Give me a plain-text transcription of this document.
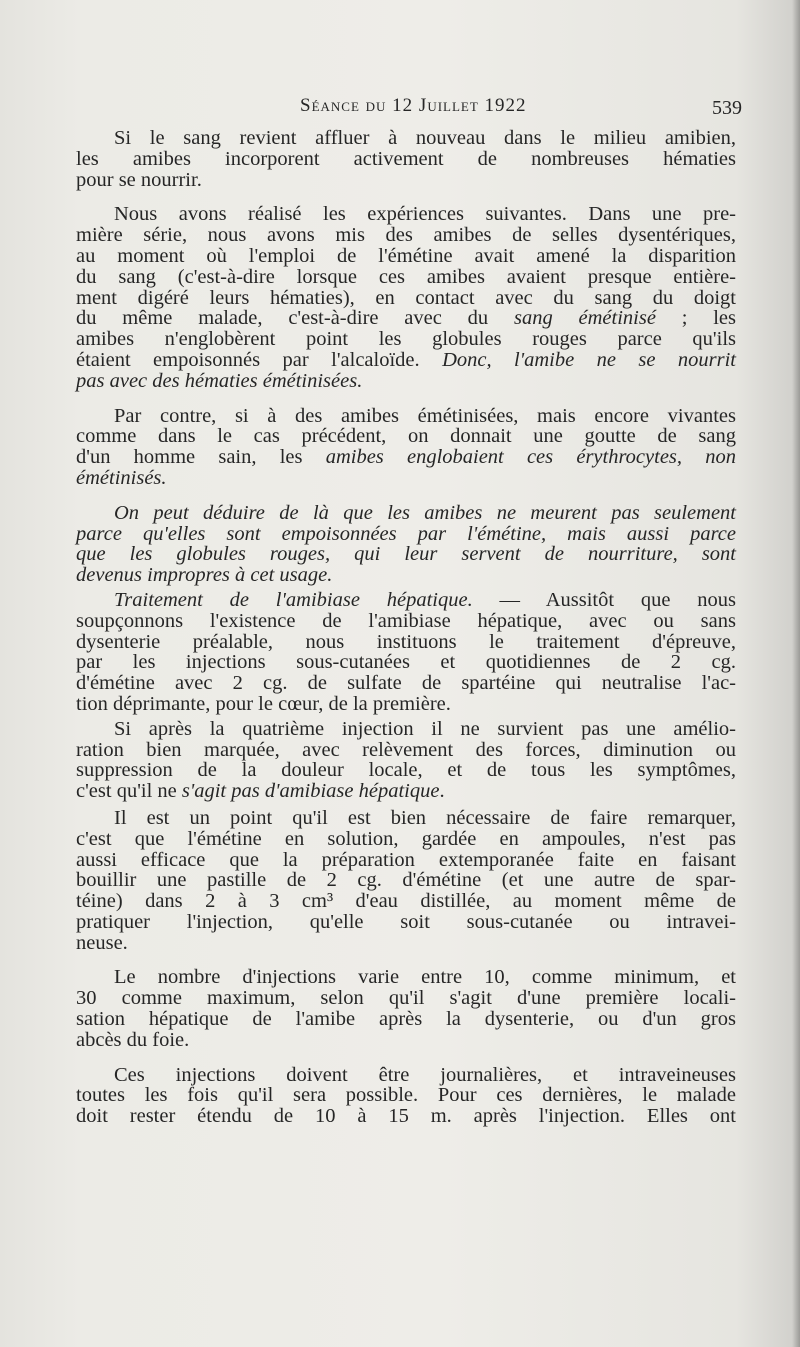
Séance du 12 Juillet 1922	539
Si le sang revient affluer à nouveau dans le milieu amibien,
les amibes incorporent activement de nombreuses hématies
pour se nourrir.
Nous avons réalisé les expériences suivantes. Dans une pre-
mière série, nous avons mis des amibes de selles dysentériques,
au moment où l'emploi de l'émétine avait amené la disparition
du sang (c'est-à-dire lorsque ces amibes avaient presque entière-
ment digéré leurs hématies), en contact avec du sang du doigt
du même malade, c'est-à-dire avec du sang émétinisé ; les
amibes n'englobèrent point les globules rouges parce qu'ils
étaient empoisonnés par l'alcaloïde. Donc, l'amibe ne se nourrit
pas avec des hématies émétinisées.
Par contre, si à des amibes émétinisées, mais encore vivantes
comme dans le cas précédent, on donnait une goutte de sang
d'un homme sain, les amibes englobaient ces érythrocytes, non
émétinisés.
On peut déduire de là que les amibes ne meurent pas seulement
parce qu'elles sont empoisonnées par l'émétine, mais aussi parce
que les globules rouges, qui leur servent de nourriture, sont
devenus impropres à cet usage.
Traitement de l'amibiase hépatique. — Aussitôt que nous
soupçonnons l'existence de l'amibiase hépatique, avec ou sans
dysenterie préalable, nous instituons le traitement d'épreuve,
par les injections sous-cutanées et quotidiennes de 2 cg.
d'émétine avec 2 cg. de sulfate de spartéine qui neutralise l'ac-
tion déprimante, pour le cœur, de la première.
Si après la quatrième injection il ne survient pas une amélio-
ration bien marquée, avec relèvement des forces, diminution ou
suppression de la douleur locale, et de tous les symptômes,
c'est qu'il ne s'agit pas d'amibiase hépatique.
Il est un point qu'il est bien nécessaire de faire remarquer,
c'est que l'émétine en solution, gardée en ampoules, n'est pas
aussi efficace que la préparation extemporanée faite en faisant
bouillir une pastille de 2 cg. d'émétine (et une autre de spar-
téine) dans 2 à 3 cm³ d'eau distillée, au moment même de
pratiquer l'injection, qu'elle soit sous-cutanée ou intravei-
neuse.
Le nombre d'injections varie entre 10, comme minimum, et
30 comme maximum, selon qu'il s'agit d'une première locali-
sation hépatique de l'amibe après la dysenterie, ou d'un gros
abcès du foie.
Ces injections doivent être journalières, et intraveineuses
toutes les fois qu'il sera possible. Pour ces dernières, le malade
doit rester étendu de 10 à 15 m. après l'injection. Elles ont
